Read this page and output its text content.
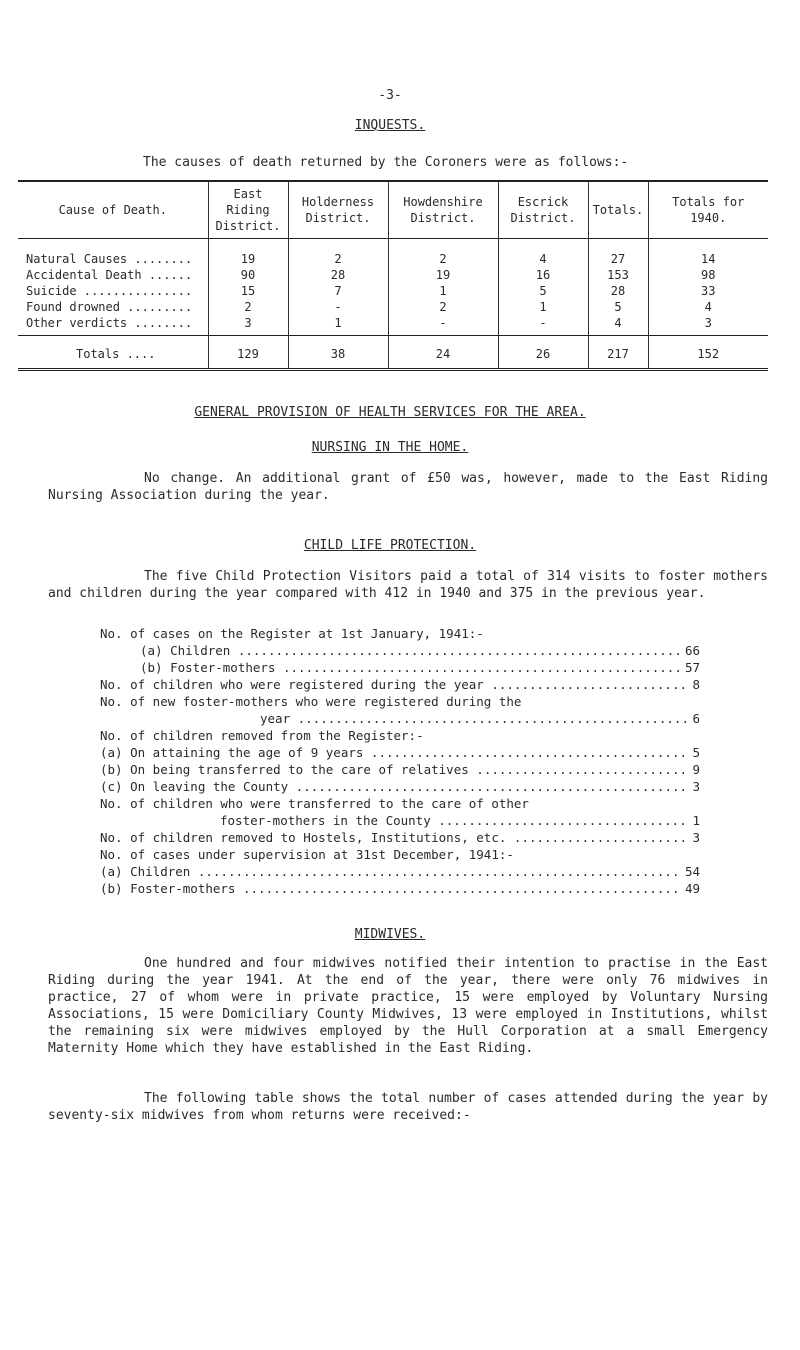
-3-
INQUESTS.
The causes of death returned by the Coroners were as follows:-
Cause of Death.	East Riding District.	Holderness District.	Howdenshire District.	Escrick District.	Totals.	Totals for 1940.
Natural Causes ........	19	2	2	4	27	14
Accidental Death ......	90	28	19	16	153	98
Suicide ...............	15	7	1	5	28	33
Found drowned .........	2	-	2	1	5	4
Other verdicts ........	3	1	-	-	4	3
Totals ....	129	38	24	26	217	152
GENERAL PROVISION OF HEALTH SERVICES FOR THE AREA.
NURSING IN THE HOME.
No change. An additional grant of £50 was, however, made to the East Riding Nursing Association during the year.
CHILD LIFE PROTECTION.
The five Child Protection Visitors paid a total of 314 visits to foster mothers and children during the year compared with 412 in 1940 and 375 in the previous year.
No. of cases on the Register at 1st January, 1941:-
(a) Children .....	66
(b) Foster-mothers .....	57
No. of children who were registered during the year .....	8
No. of new foster-mothers who were registered during the
year .....	6
No. of children removed from the Register:-
(a) On attaining the age of 9 years .....	5
(b) On being transferred to the care of relatives .....	9
(c) On leaving the County .....	3
No. of children who were transferred to the care of other
foster-mothers in the County .....	1
No. of children removed to Hostels, Institutions, etc. .....	3
No. of cases under supervision at 31st December, 1941:-
(a) Children .....	54
(b) Foster-mothers .....	49
MIDWIVES.
One hundred and four midwives notified their intention to practise in the East Riding during the year 1941. At the end of the year, there were only 76 midwives in practice, 27 of whom were in private practice, 15 were employed by Voluntary Nursing Associations, 15 were Domiciliary County Midwives, 13 were employed in Institutions, whilst the remaining six were midwives employed by the Hull Corporation at a small Emergency Maternity Home which they have established in the East Riding.
The following table shows the total number of cases attended during the year by seventy-six midwives from whom returns were received:-
